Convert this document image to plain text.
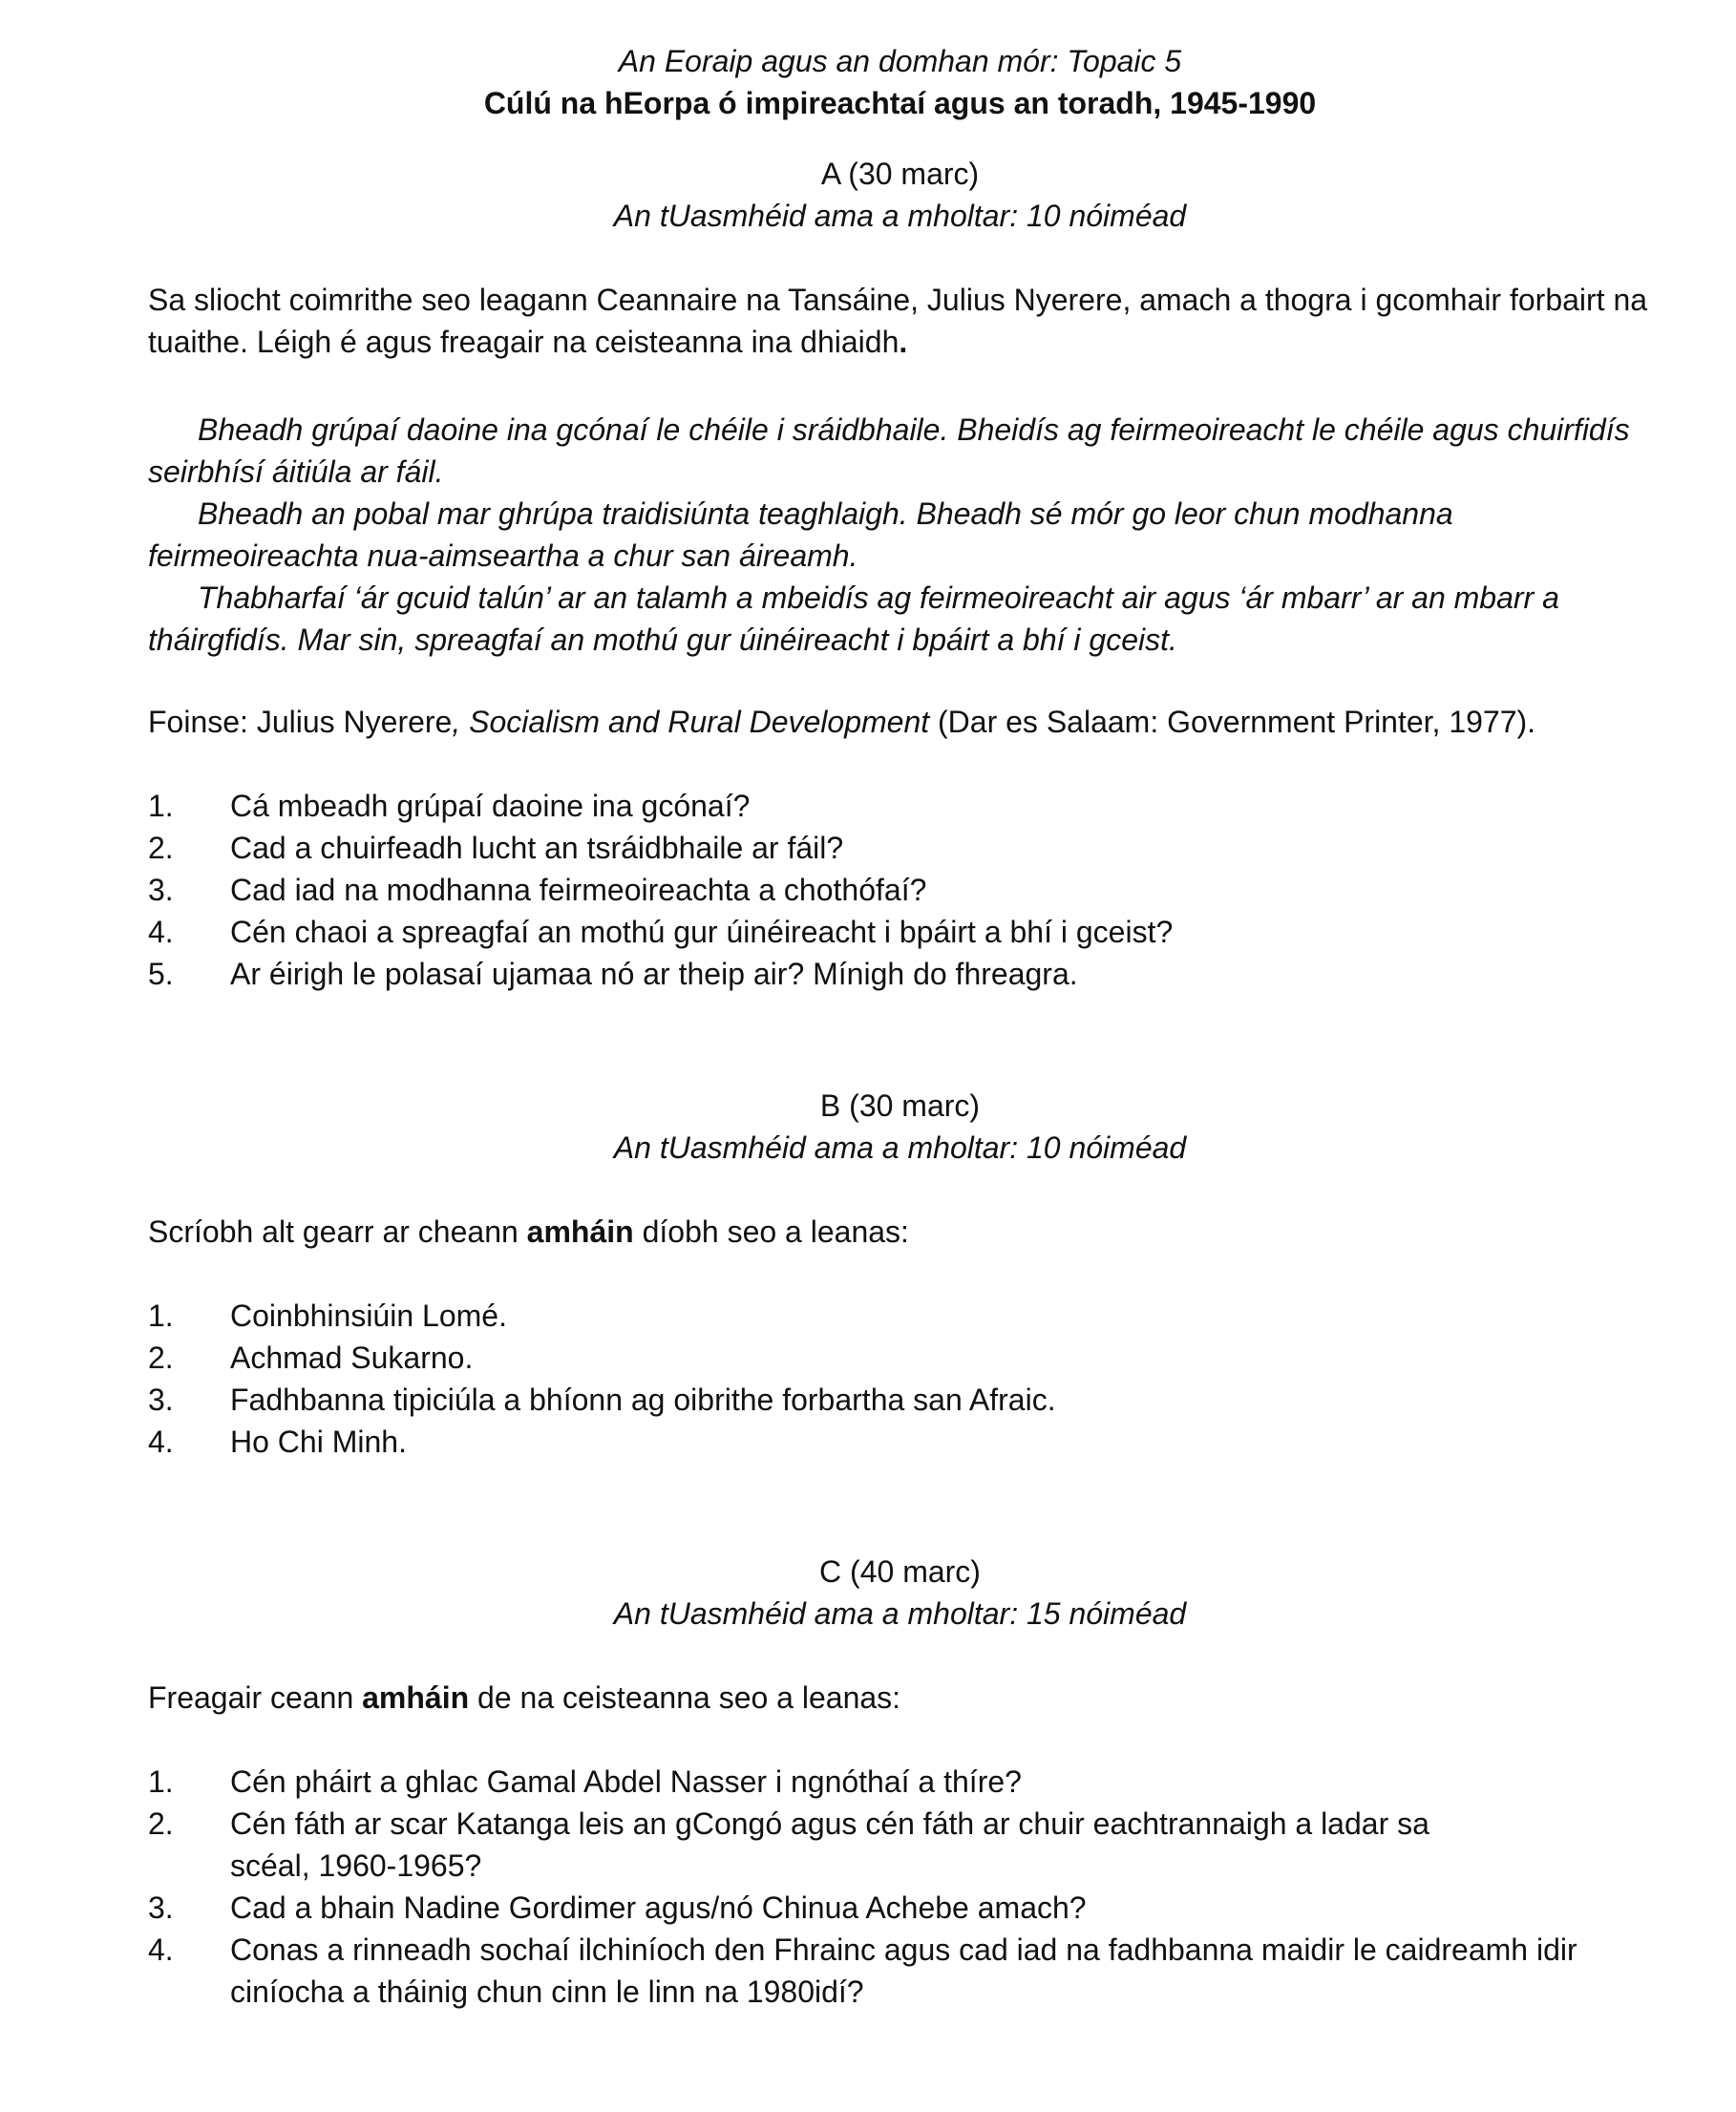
An Eoraip agus an domhan mór: Topaic 5

Cúlú na hEorpa ó impireachtaí agus an toradh, 1945-1990

A (30 marc)

An tUasmhéid ama a mholtar: 10 nóiméad

Sa sliocht coimrithe seo leagann Ceannaire na Tansáine, Julius Nyerere, amach a thogra i gcomhair forbairt na tuaithe. Léigh é agus freagair na ceisteanna ina dhiaidh.

Bheadh grúpaí daoine ina gcónaí le chéile i sráidbhaile. Bheidís ag feirmeoireacht le chéile agus chuirfidís seirbhísí áitiúla ar fáil.

Bheadh an pobal mar ghrúpa traidisiúnta teaghlaigh. Bheadh sé mór go leor chun modhanna feirmeoireachta nua-aimseartha a chur san áireamh.

Thabharfaí ‘ár gcuid talún’ ar an talamh a mbeidís ag feirmeoireacht air agus ‘ár mbarr’ ar an mbarr a tháirgfidís. Mar sin, spreagfaí an mothú gur úinéireacht i bpáirt a bhí i gceist.

Foinse: Julius Nyerere, Socialism and Rural Development (Dar es Salaam: Government Printer, 1977).

1. Cá mbeadh grúpaí daoine ina gcónaí?
2. Cad a chuirfeadh lucht an tsráidbhaile ar fáil?
3. Cad iad na modhanna feirmeoireachta a chothófaí?
4. Cén chaoi a spreagfaí an mothú gur úinéireacht i bpáirt a bhí i gceist?
5. Ar éirigh le polasaí ujamaa nó ar theip air? Mínigh do fhreagra.

B (30 marc)

An tUasmhéid ama a mholtar: 10 nóiméad

Scríobh alt gearr ar cheann amháin díobh seo a leanas:

1. Coinbhinsiúin Lomé.
2. Achmad Sukarno.
3. Fadhbanna tipiciúla a bhíonn ag oibrithe forbartha san Afraic.
4. Ho Chi Minh.

C (40 marc)

An tUasmhéid ama a mholtar: 15 nóiméad

Freagair ceann amháin de na ceisteanna seo a leanas:

1. Cén pháirt a ghlac Gamal Abdel Nasser i ngnóthaí a thíre?
2. Cén fáth ar scar Katanga leis an gCongó agus cén fáth ar chuir eachtrannaigh a ladar sa scéal, 1960-1965?
3. Cad a bhain Nadine Gordimer agus/nó Chinua Achebe amach?
4. Conas a rinneadh sochaí ilchiníoch den Fhrainc agus cad iad na fadhbanna maidir le caidreamh idir ciníocha a tháinig chun cinn le linn na 1980idí?
